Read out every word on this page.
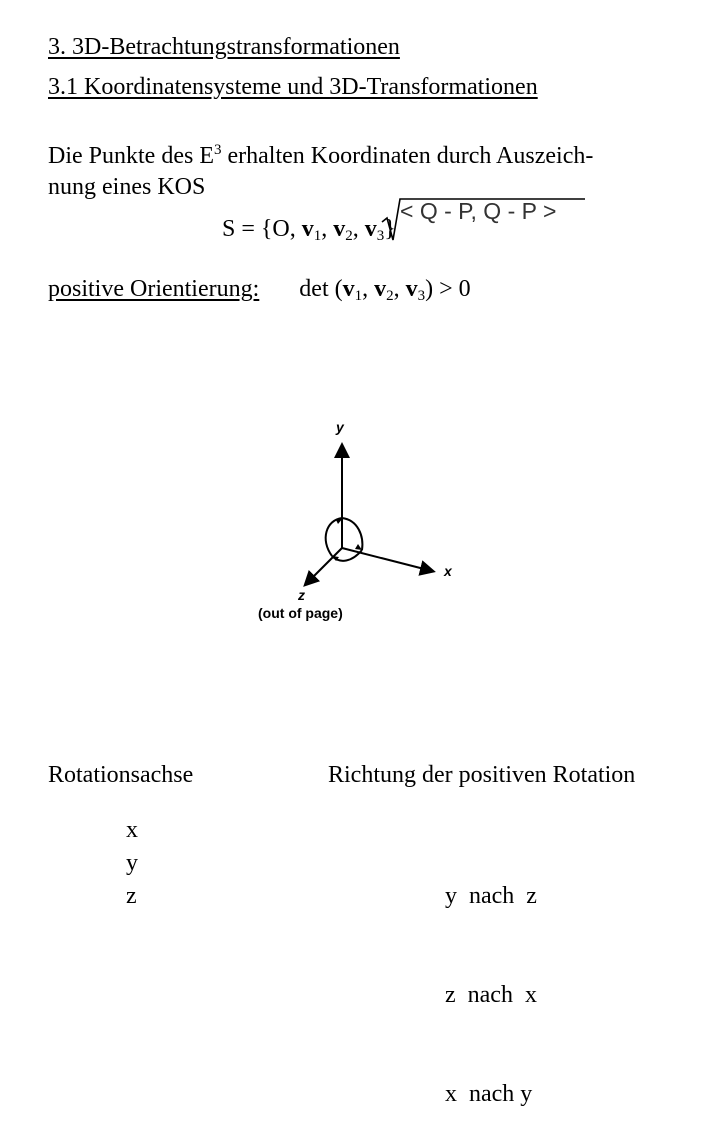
3. 3D-Betrachtungstransformationen
3.1 Koordinatensysteme und 3D-Transformationen
Die Punkte des $E^3$ erhalten Koordinaten durch Auszeich-
nung eines KOS
S = {O, $v_1$, $v_2$, $v_3$}
< Q - P, Q - P >
positive Orientierung: $\det (v_1$, $v_2$, $v_3) > 0$
y
x
z
(out of page)
Rotationsachse	Richtung der positiven Rotation
x
y
z

	y  nach  z

z  nach  x

x  nach y
